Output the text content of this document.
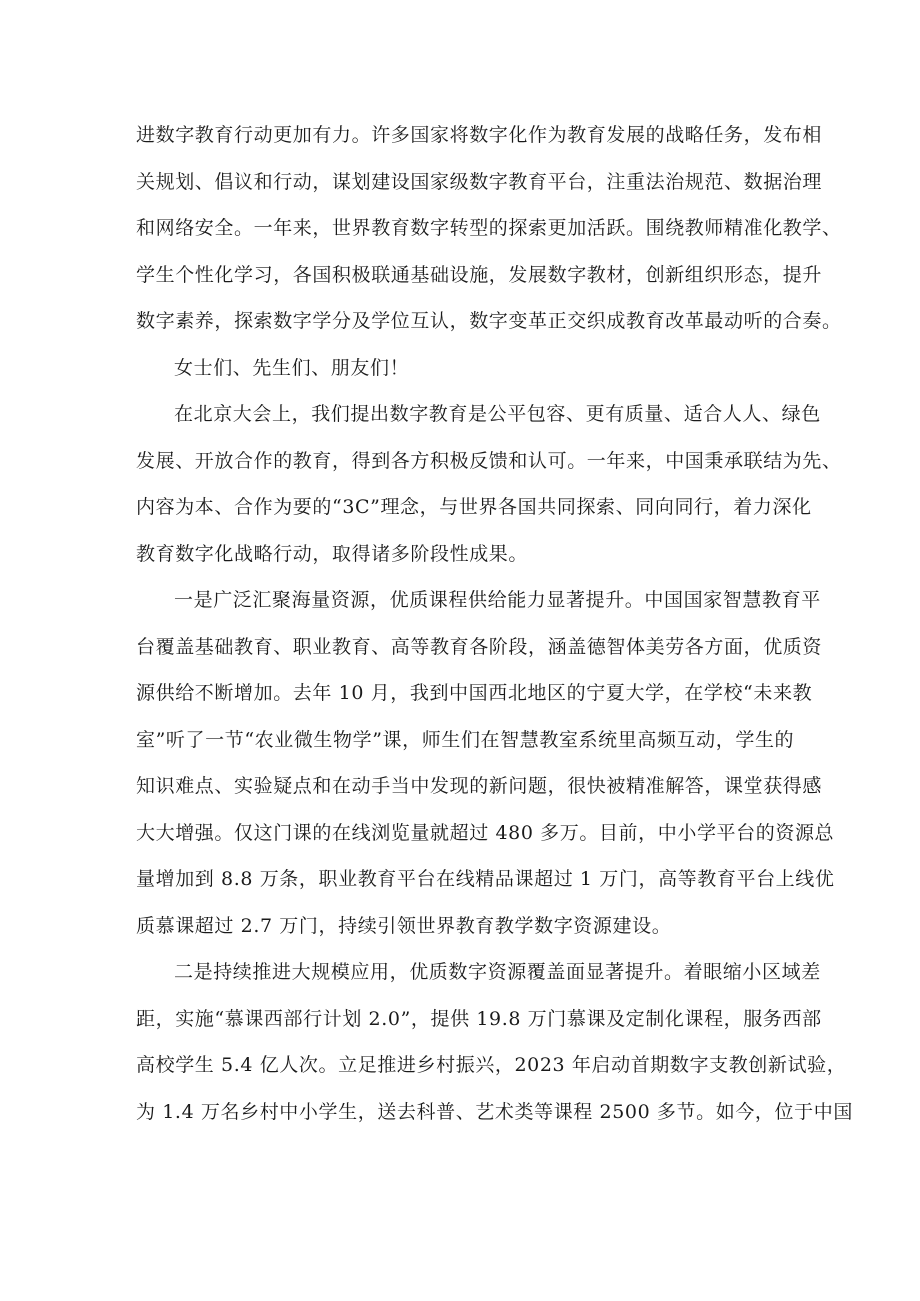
进数字教育行动更加有力。许多国家将数字化作为教育发展的战略任务，发布相
关规划、倡议和行动，谋划建设国家级数字教育平台，注重法治规范、数据治理
和网络安全。一年来，世界教育数字转型的探索更加活跃。围绕教师精准化教学、
学生个性化学习，各国积极联通基础设施，发展数字教材，创新组织形态，提升
数字素养，探索数字学分及学位互认，数字变革正交织成教育改革最动听的合奏。
女士们、先生们、朋友们！
在北京大会上，我们提出数字教育是公平包容、更有质量、适合人人、绿色
发展、开放合作的教育，得到各方积极反馈和认可。一年来，中国秉承联结为先、
内容为本、合作为要的“3C”理念，与世界各国共同探索、同向同行，着力深化
教育数字化战略行动，取得诸多阶段性成果。
一是广泛汇聚海量资源，优质课程供给能力显著提升。中国国家智慧教育平
台覆盖基础教育、职业教育、高等教育各阶段，涵盖德智体美劳各方面，优质资
源供给不断增加。去年 10 月，我到中国西北地区的宁夏大学，在学校“未来教
室”听了一节“农业微生物学”课，师生们在智慧教室系统里高频互动，学生的
知识难点、实验疑点和在动手当中发现的新问题，很快被精准解答，课堂获得感
大大增强。仅这门课的在线浏览量就超过 480 多万。目前，中小学平台的资源总
量增加到 8.8 万条，职业教育平台在线精品课超过 1 万门，高等教育平台上线优
质慕课超过 2.7 万门，持续引领世界教育教学数字资源建设。
二是持续推进大规模应用，优质数字资源覆盖面显著提升。着眼缩小区域差
距，实施“慕课西部行计划 2.0”，提供 19.8 万门慕课及定制化课程，服务西部
高校学生 5.4 亿人次。立足推进乡村振兴，2023 年启动首期数字支教创新试验，
为 1.4 万名乡村中小学生，送去科普、艺术类等课程 2500 多节。如今，位于中国
